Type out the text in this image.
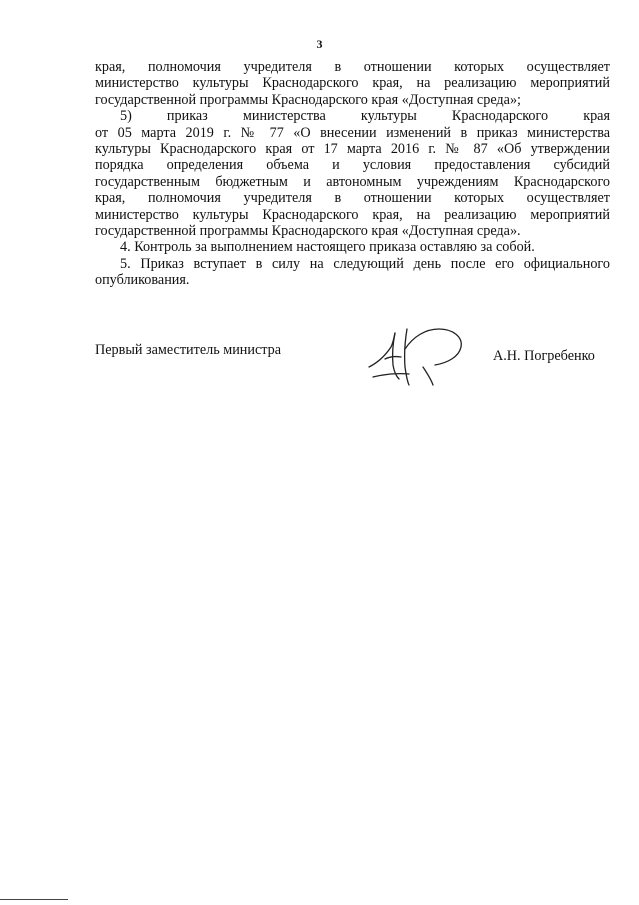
3
края, полномочия учредителя в отношении которых осуществляет
министерство культуры Краснодарского края, на реализацию мероприятий
государственной программы Краснодарского края «Доступная среда»;
5) приказ министерства культуры Краснодарского края
от 05 марта 2019 г. № 77 «О внесении изменений в приказ министерства
культуры Краснодарского края от 17 марта 2016 г. № 87 «Об утверждении
порядка определения объема и условия предоставления субсидий
государственным бюджетным и автономным учреждениям Краснодарского
края, полномочия учредителя в отношении которых осуществляет
министерство культуры Краснодарского края, на реализацию мероприятий
государственной программы Краснодарского края «Доступная среда».
4. Контроль за выполнением настоящего приказа оставляю за собой.
5. Приказ вступает в силу на следующий день после его официального
опубликования.
Первый заместитель министра	А.Н. Погребенко
